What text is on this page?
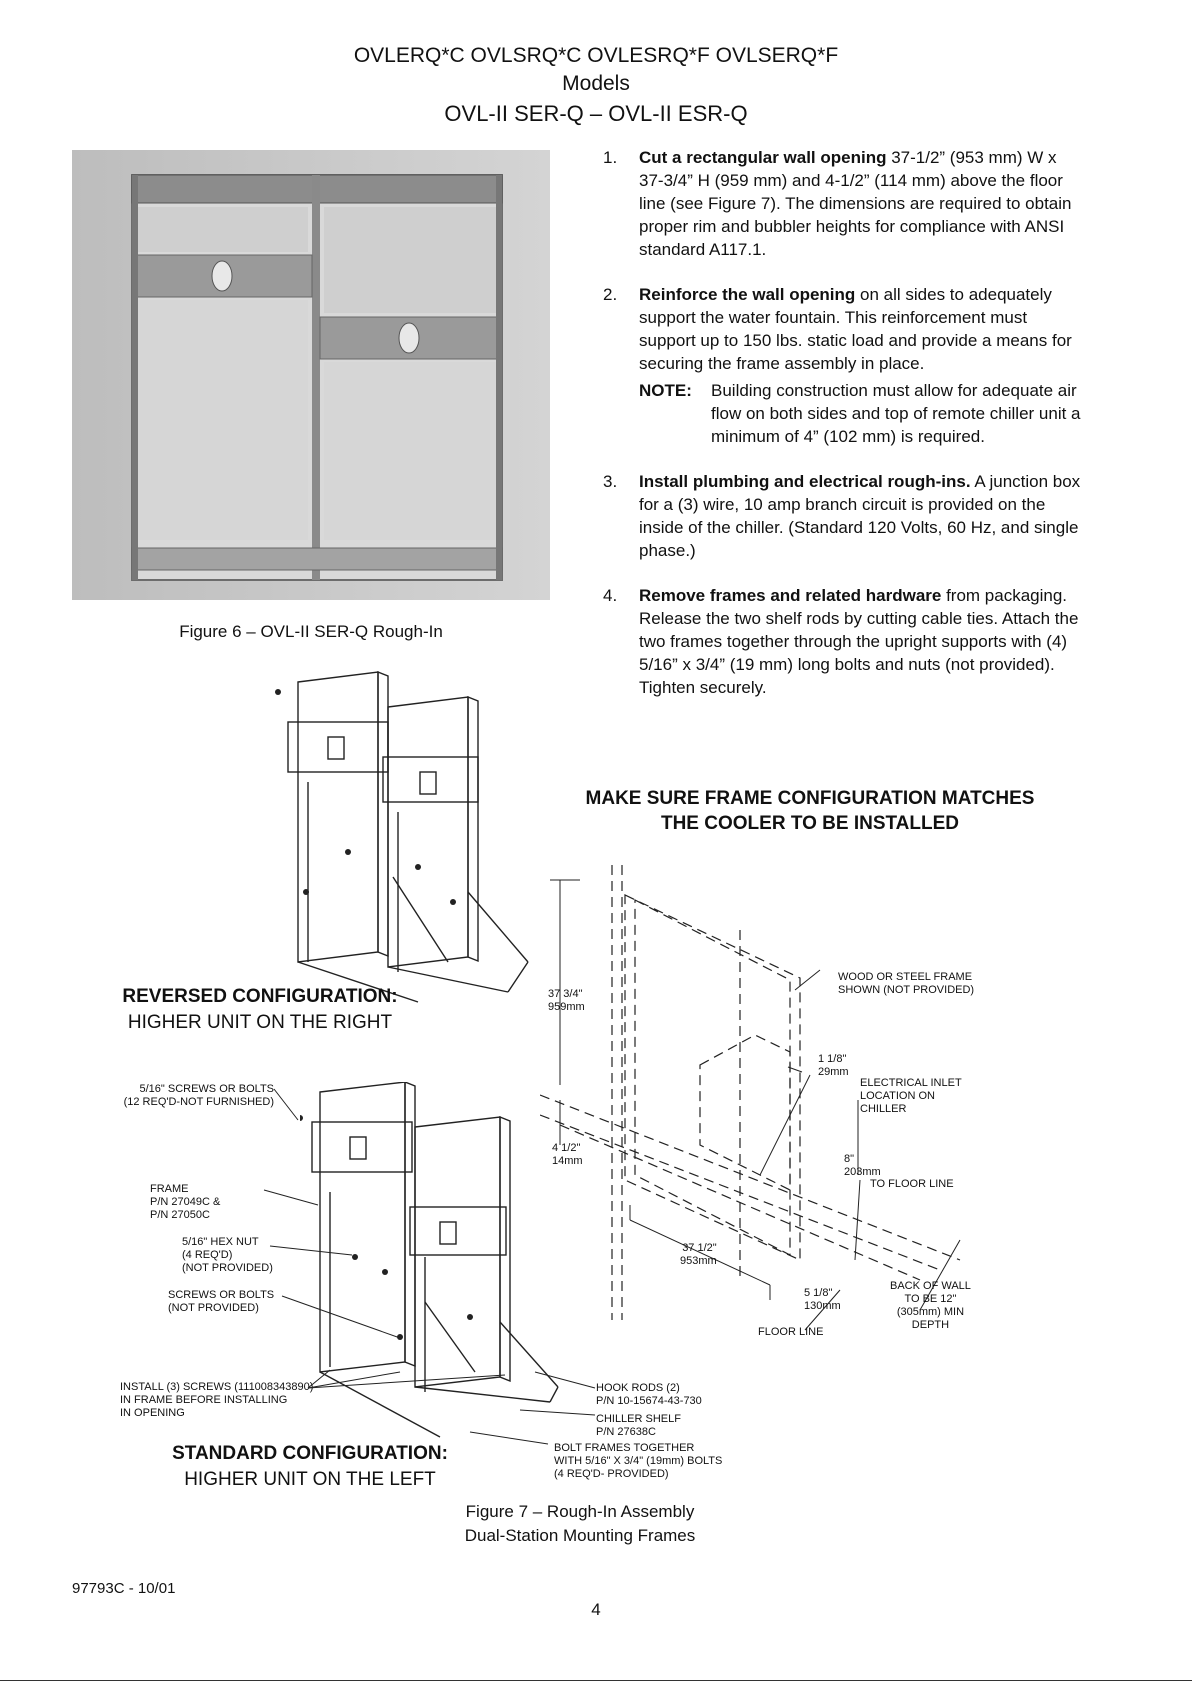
OVLERQ*C OVLSRQ*C OVLESRQ*F OVLSERQ*F
Models
OVL-II SER-Q – OVL-II ESR-Q
Figure 6 – OVL-II SER-Q Rough-In
1.	Cut a rectangular wall opening 37-1/2” (953 mm) W x 37-3/4” H (959 mm) and 4-1/2” (114 mm) above the floor line (see Figure 7). The dimensions are required to obtain proper rim and bubbler heights for compliance with ANSI standard A117.1.
2.	Reinforce the wall opening on all sides to adequately support the water fountain. This reinforcement must support up to 150 lbs. static load and provide a means for securing the frame assembly in place.
NOTE:	Building construction must allow for adequate air flow on both sides and top of remote chiller unit a minimum of 4” (102 mm) is required.
3.	Install plumbing and electrical rough-ins. A junction box for a (3) wire, 10 amp branch circuit is provided on the inside of the chiller. (Standard 120 Volts, 60 Hz, and single phase.)
4.	Remove frames and related hardware from packaging. Release the two shelf rods by cutting cable ties. Attach the two frames together through the upright supports with (4) 5/16” x 3/4” (19 mm) long bolts and nuts (not provided). Tighten securely.
MAKE SURE FRAME CONFIGURATION MATCHES
THE COOLER TO BE INSTALLED
REVERSED CONFIGURATION:
HIGHER UNIT ON THE RIGHT
STANDARD CONFIGURATION:
HIGHER UNIT ON THE LEFT
5/16" SCREWS OR BOLTS
(12 REQ'D-NOT FURNISHED)
FRAME
P/N 27049C &
P/N 27050C
5/16" HEX NUT
(4 REQ'D)
(NOT PROVIDED)
SCREWS OR BOLTS
(NOT PROVIDED)
INSTALL (3) SCREWS (111008343890)
IN FRAME BEFORE INSTALLING
IN OPENING
HOOK RODS (2)
P/N 10-15674-43-730
CHILLER SHELF
P/N 27638C
BOLT FRAMES TOGETHER
WITH 5/16" X 3/4" (19mm) BOLTS
(4 REQ'D- PROVIDED)
37 3/4"
959mm
4 1/2"
14mm
37 1/2"
953mm
WOOD OR STEEL FRAME
SHOWN (NOT PROVIDED)
1 1/8"
29mm
ELECTRICAL INLET
LOCATION ON
CHILLER
8"
203mm
TO FLOOR LINE
5 1/8"
130mm
BACK OF WALL
TO BE 12"
(305mm) MIN
DEPTH
FLOOR LINE
Figure 7 – Rough-In Assembly
Dual-Station Mounting Frames
97793C - 10/01
4
